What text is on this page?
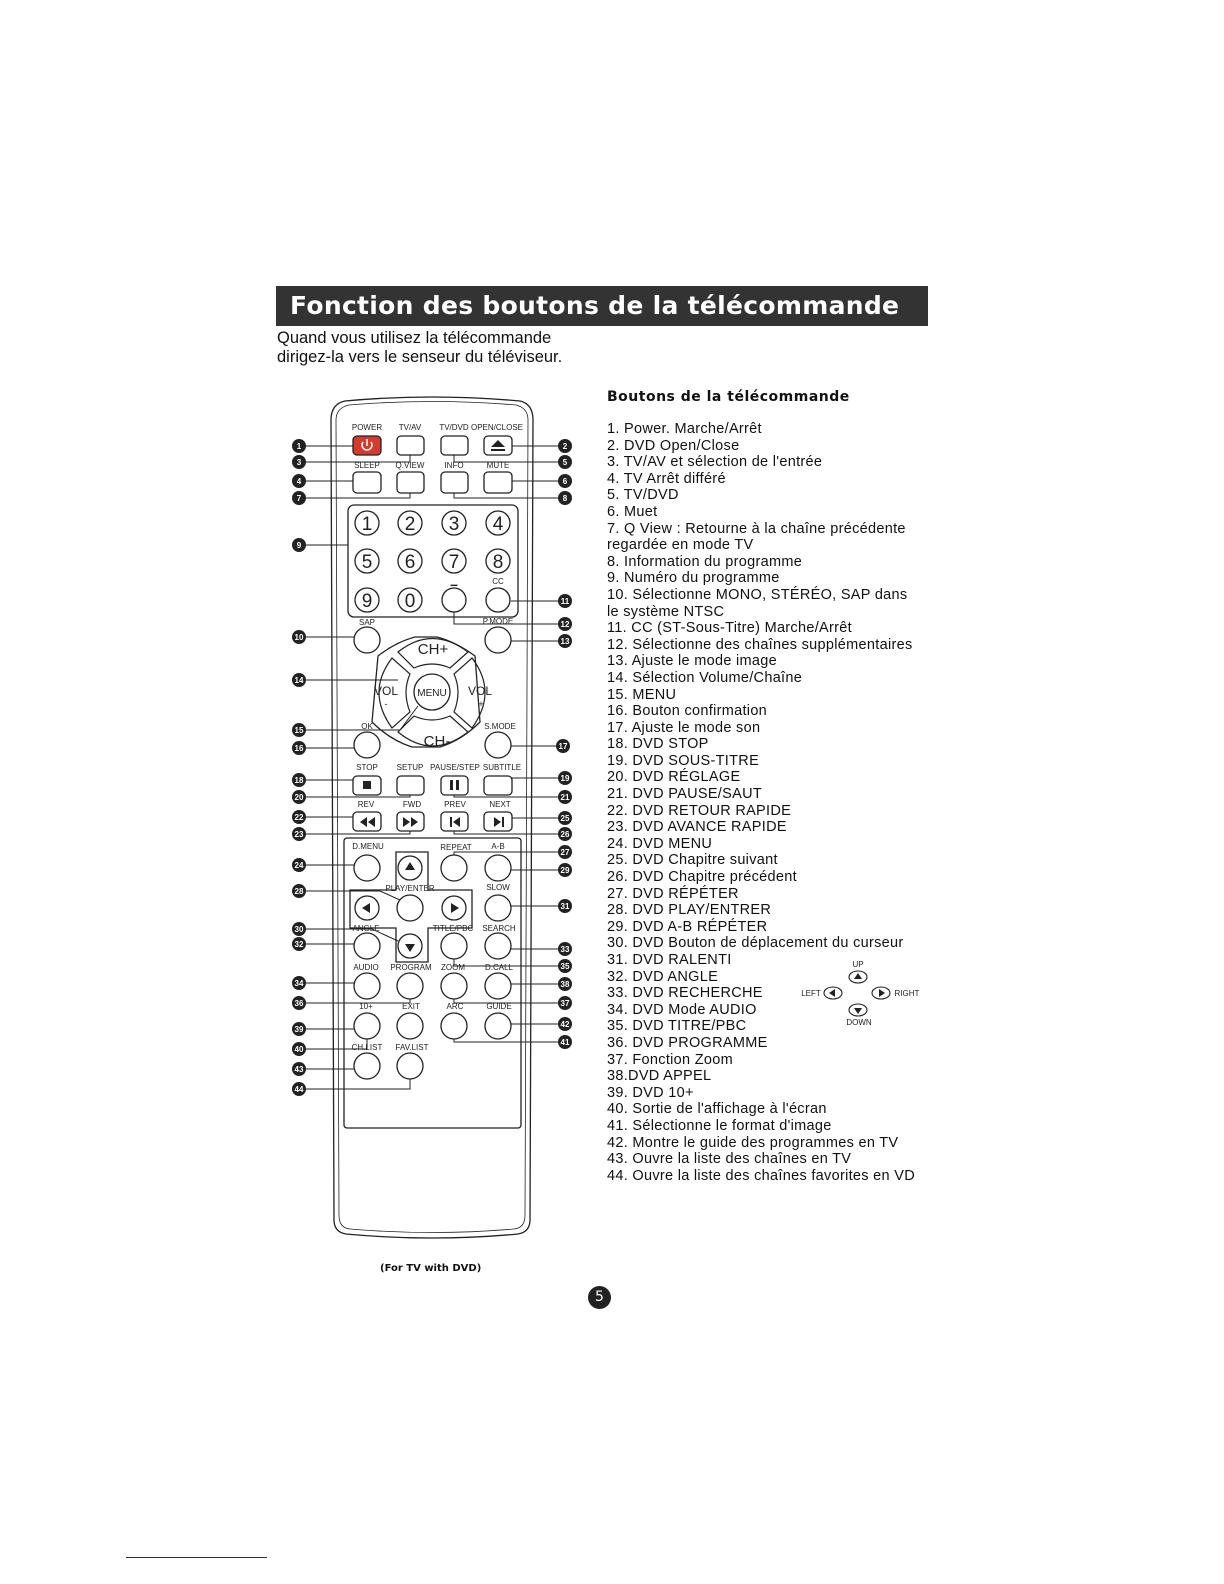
Fonction des boutons de la télécommande
Quand vous utilisez la télécommande
dirigez-la vers le senseur du téléviseur.
POWER TV/AV TV/DVD OPEN/CLOSE
SLEEP Q.VIEW	INFO	MUTE
1 2 3 4
5 6 7 8
9 0
–	CC
SAP	P.MODE
CH+
CH-
MENU
VOL
-
VOL
+
OK	S.MODE
STOP SETUP PAUSE/STEP SUBTITLE
REV	FWD	PREV	NEXT
D.MENU	REPEAT A-B
PLAY/ENTER	SLOW
ANGLE	TITLE/PBC SEARCH
AUDIO PROGRAM ZOOM D.CALL
10+	EXIT	ARC	GUIDE
CH.LIST FAV.LIST
1	2
3
4
5
6
7	8
9
10
11
12
13
14
15
16	17
18	19
20	21
22
23
24
25
26
27
28
29
30
31
32
33
34
35
36	37
38
39
40
41
42
43
44
(For TV with DVD)
Boutons de la télécommande
1. Power. Marche/Arrêt
2. DVD Open/Close
3. TV/AV et sélection de l'entrée
4. TV Arrêt différé
5. TV/DVD
6. Muet
7. Q View : Retourne à la chaîne précédente
regardée en mode TV
8. Information du programme
9. Numéro du programme
10. Sélectionne MONO, STÉRÉO, SAP dans
le système NTSC
11. CC (ST-Sous-Titre) Marche/Arrêt
12. Sélectionne des chaînes supplémentaires
13. Ajuste le mode image
14. Sélection Volume/Chaîne
15. MENU
16. Bouton confirmation
17. Ajuste le mode son
18. DVD STOP
19. DVD SOUS-TITRE
20. DVD RÉGLAGE
21. DVD PAUSE/SAUT
22. DVD RETOUR RAPIDE
23. DVD AVANCE RAPIDE
24. DVD MENU
25. DVD Chapitre suivant
26. DVD Chapitre précédent
27. DVD RÉPÉTER
28. DVD PLAY/ENTRER
29. DVD A-B RÉPÉTER
30. DVD Bouton de déplacement du curseur
31. DVD RALENTI
32. DVD ANGLE
33. DVD RECHERCHE
34. DVD Mode AUDIO
35. DVD TITRE/PBC
36. DVD PROGRAMME
37. Fonction Zoom
38.DVD APPEL
39. DVD 10+
40. Sortie de l'affichage à l'écran
41. Sélectionne le format d'image
42. Montre le guide des programmes en TV
43. Ouvre la liste des chaînes en TV
44. Ouvre la liste des chaînes favorites en VD
UP
DOWN
LEFT	RIGHT
5
